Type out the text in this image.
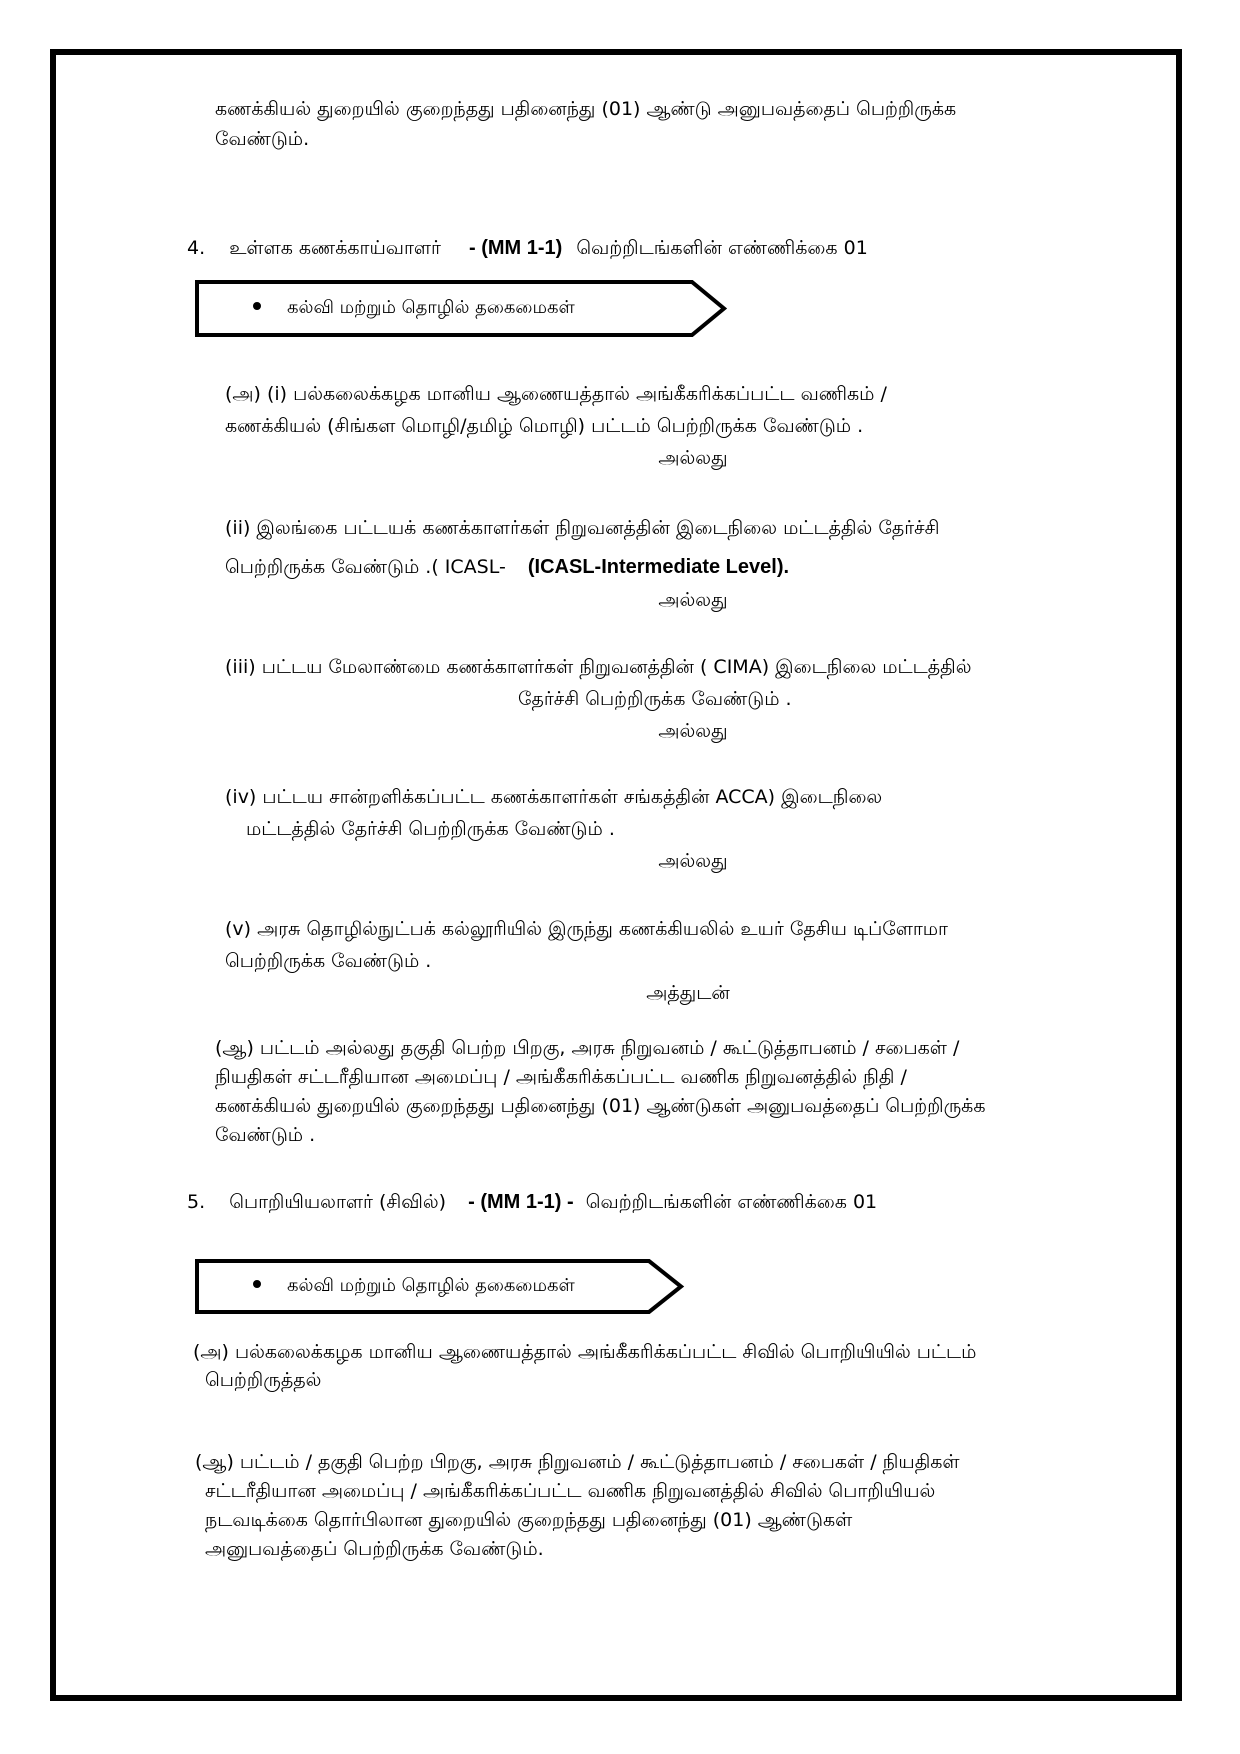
கணக்கியல் துறையில் குறைந்தது பதினைந்து (01) ஆண்டு அனுபவத்தைப் பெற்றிருக்க
வேண்டும்.
4. உள்ளக கணக்காய்வாளர் - (MM 1-1) வெற்றிடங்களின் எண்ணிக்கை 01
கல்வி மற்றும் தொழில் தகைமைகள்
(அ) (i) பல்கலைக்கழக மானிய ஆணையத்தால் அங்கீகரிக்கப்பட்ட வணிகம் /
கணக்கியல் (சிங்கள மொழி/தமிழ் மொழி) பட்டம் பெற்றிருக்க வேண்டும் .
அல்லது
(ii) இலங்கை பட்டயக் கணக்காளர்கள் நிறுவனத்தின் இடைநிலை மட்டத்தில் தேர்ச்சி
பெற்றிருக்க வேண்டும் .( ICASL- (ICASL-Intermediate Level).
அல்லது
(iii) பட்டய மேலாண்மை கணக்காளர்கள் நிறுவனத்தின் ( CIMA) இடைநிலை மட்டத்தில்
தேர்ச்சி பெற்றிருக்க வேண்டும் .
அல்லது
(iv) பட்டய சான்றளிக்கப்பட்ட கணக்காளர்கள் சங்கத்தின் ACCA) இடைநிலை
மட்டத்தில் தேர்ச்சி பெற்றிருக்க வேண்டும் .
அல்லது
(v) அரசு தொழில்நுட்பக் கல்லூரியில் இருந்து கணக்கியலில் உயர் தேசிய டிப்ளோமா
பெற்றிருக்க வேண்டும் .
அத்துடன்
(ஆ) பட்டம் அல்லது தகுதி பெற்ற பிறகு, அரசு நிறுவனம் / கூட்டுத்தாபனம் / சபைகள் /
நியதிகள் சட்டரீதியான அமைப்பு / அங்கீகரிக்கப்பட்ட வணிக நிறுவனத்தில் நிதி /
கணக்கியல் துறையில் குறைந்தது பதினைந்து (01) ஆண்டுகள் அனுபவத்தைப் பெற்றிருக்க
வேண்டும் .
5. பொறியியலாளர் (சிவில்) - (MM 1-1) - வெற்றிடங்களின் எண்ணிக்கை 01
கல்வி மற்றும் தொழில் தகைமைகள்
(அ) பல்கலைக்கழக மானிய ஆணையத்தால் அங்கீகரிக்கப்பட்ட சிவில் பொறியியில் பட்டம்
பெற்றிருத்தல்
(ஆ) பட்டம் / தகுதி பெற்ற பிறகு, அரசு நிறுவனம் / கூட்டுத்தாபனம் / சபைகள் / நியதிகள்
சட்டரீதியான அமைப்பு / அங்கீகரிக்கப்பட்ட வணிக நிறுவனத்தில் சிவில் பொறியியல்
நடவடிக்கை தொர்பிலான துறையில் குறைந்தது பதினைந்து (01) ஆண்டுகள்
அனுபவத்தைப் பெற்றிருக்க வேண்டும்.
